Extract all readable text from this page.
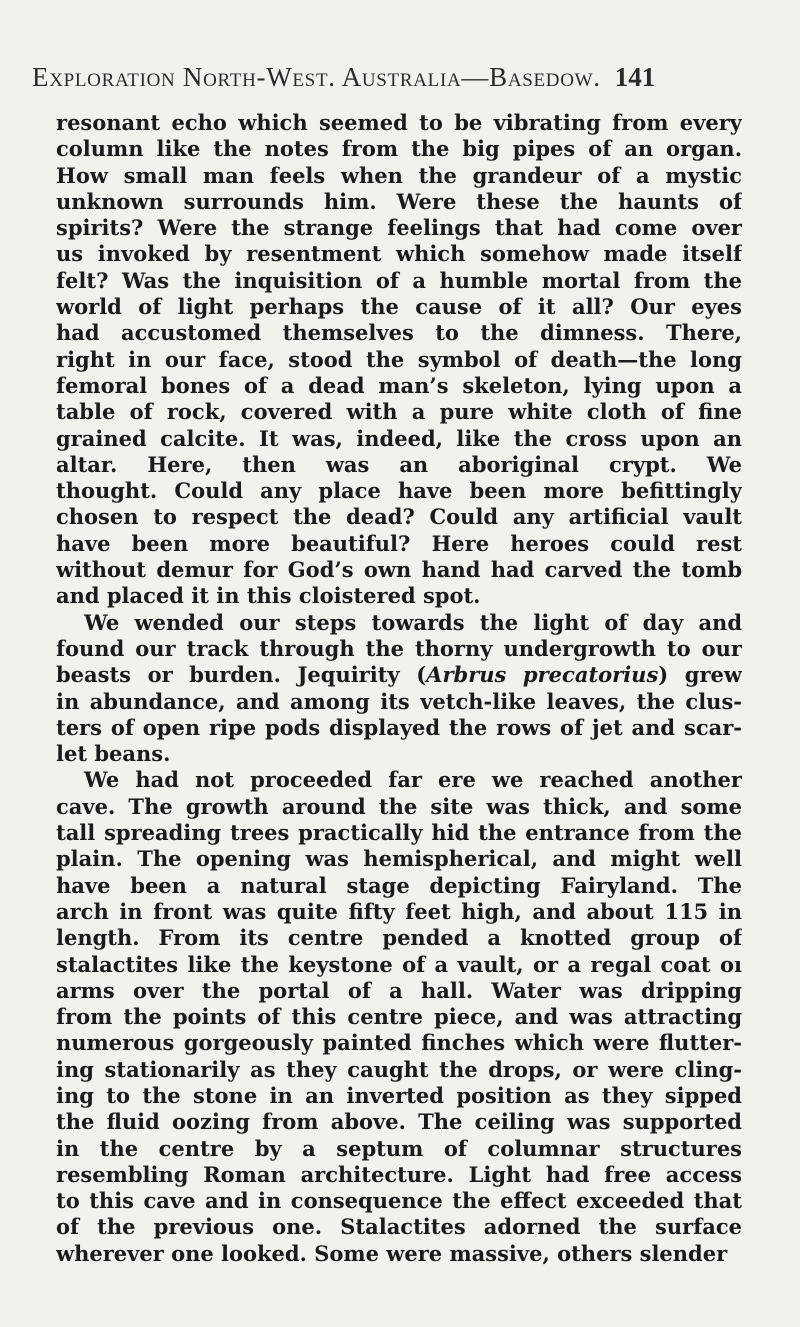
Exploration North-West. Australia—Basedow. 141
resonant echo which seemed to be vibrating from every
column like the notes from the big pipes of an organ.
How small man feels when the grandeur of a mystic
unknown surrounds him. Were these the haunts of
spirits? Were the strange feelings that had come over
us invoked by resentment which somehow made itself
felt? Was the inquisition of a humble mortal from the
world of light perhaps the cause of it all? Our eyes
had accustomed themselves to the dimness. There,
right in our face, stood the symbol of death—the long
femoral bones of a dead man’s skeleton, lying upon a
table of rock, covered with a pure white cloth of fine
grained calcite. It was, indeed, like the cross upon an
altar. Here, then was an aboriginal crypt. We
thought. Could any place have been more befittingly
chosen to respect the dead? Could any artificial vault
have been more beautiful? Here heroes could rest
without demur for God’s own hand had carved the tomb
and placed it in this cloistered spot.
We wended our steps towards the light of day and
found our track through the thorny undergrowth to our
beasts or burden. Jequirity (Arbrus precatorius) grew
in abundance, and among its vetch-like leaves, the clus-
ters of open ripe pods displayed the rows of jet and scar-
let beans.
We had not proceeded far ere we reached another
cave. The growth around the site was thick, and some
tall spreading trees practically hid the entrance from the
plain. The opening was hemispherical, and might well
have been a natural stage depicting Fairyland. The
arch in front was quite fifty feet high, and about 115 in
length. From its centre pended a knotted group of
stalactites like the keystone of a vault, or a regal coat oı
arms over the portal of a hall. Water was dripping
from the points of this centre piece, and was attracting
numerous gorgeously painted finches which were flutter-
ing stationarily as they caught the drops, or were cling-
ing to the stone in an inverted position as they sipped
the fluid oozing from above. The ceiling was supported
in the centre by a septum of columnar structures
resembling Roman architecture. Light had free access
to this cave and in consequence the effect exceeded that
of the previous one. Stalactites adorned the surface
wherever one looked. Some were massive, others slender
